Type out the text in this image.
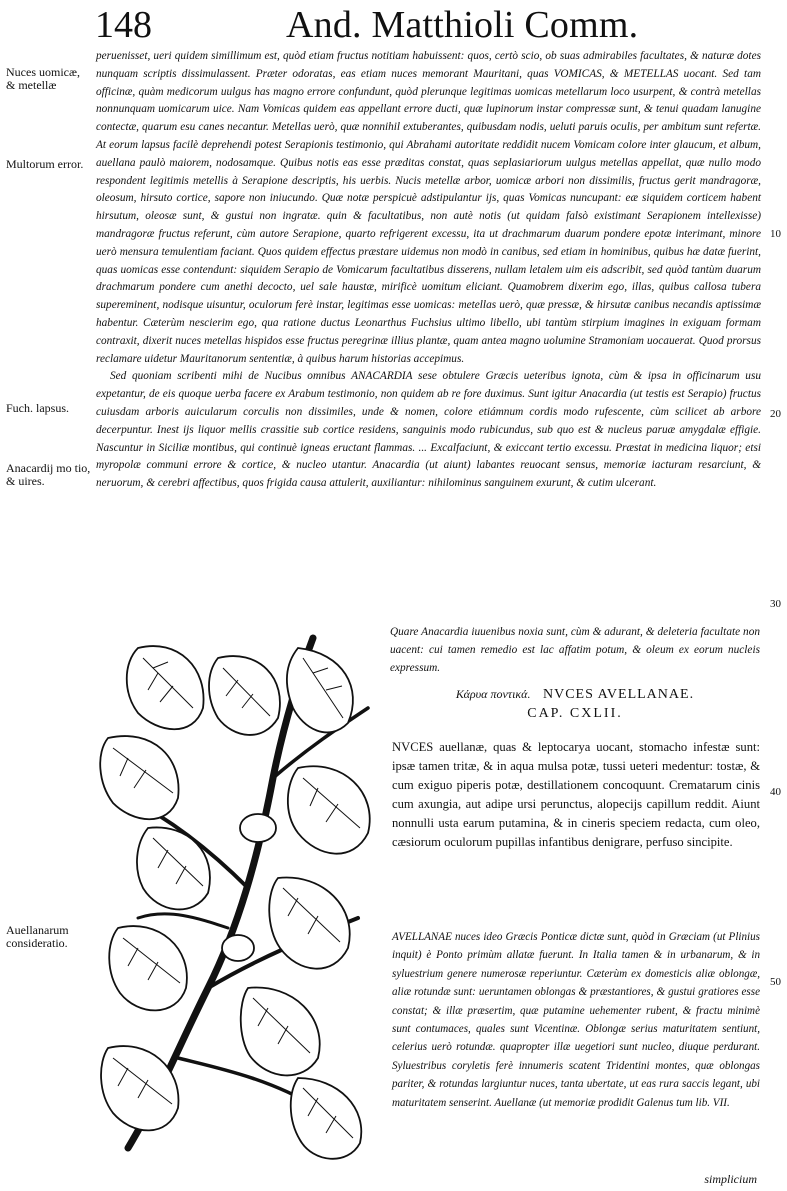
148	And. Matthioli Comm.
Nuces uomicæ, & metellæ
Multorum error.
Fuch. lapsus.
Anacardij mo tio, & uires.
Auellanarum consideratio.
10
20
30
40
50

peruenisset, ueri quidem simillimum est, quòd etiam fructus notitiam habuissent: quos, certò scio, ob suas admirabiles facultates, & naturæ dotes nunquam scriptis dissimulassent. Præter odoratas, eas etiam nuces memorant Mauritani, quas VOMICAS, & METELLAS uocant. Sed tam officinæ, quàm medicorum uulgus has magno errore confundunt, quòd plerunque legitimas uomicas metellarum loco usurpent, & contrà metellas nonnunquam uomicarum uice. Nam Vomicas quidem eas appellant errore ducti, quæ lupinorum instar compressæ sunt, & tenui quadam lanugine contectæ, quarum esu canes necantur. Metellas uerò, quæ nonnihil extuberantes, quibusdam nodis, ueluti paruis oculis, per ambitum sunt refertæ. At eorum lapsus facilè deprehendi potest Serapionis testimonio, qui Abrahami autoritate reddidit nucem Vomicam colore inter glaucum, et album, auellana paulò maiorem, nodosamque. Quibus notis eas esse præditas constat, quas seplasiariorum uulgus metellas appellat, quæ nullo modo respondent legitimis metellis à Serapione descriptis, his uerbis. Nucis metellæ arbor, uomicæ arbori non dissimilis, fructus gerit mandragoræ, oleosum, hirsuto cortice, sapore non iniucundo. Quæ notæ perspicuè adstipulantur ijs, quas Vomicas nuncupant: eæ siquidem corticem habent hirsutum, oleosæ sunt, & gustui non ingratæ. quin & facultatibus, non autè notis (ut quidam falsò existimant Serapionem intellexisse) mandragoræ fructus referunt, cùm autore Serapione, quarto refrigerent excessu, ita ut drachmarum duarum pondere epotæ interimant, minore uerò mensura temulentiam faciant. Quos quidem effectus præstare uidemus non modò in canibus, sed etiam in hominibus, quibus hæ datæ fuerint, quas uomicas esse contendunt: siquidem Serapio de Vomicarum facultatibus disserens, nullam letalem uim eis adscribit, sed quòd tantùm duarum drachmarum pondere cum anethi decocto, uel sale haustæ, mirificè uomitum eliciant. Quamobrem dixerim ego, illas, quibus callosa tubera supereminent, nodisque uisuntur, oculorum ferè instar, legitimas esse uomicas: metellas uerò, quæ pressæ, & hirsutæ canibus necandis aptissimæ habentur. Cæterùm nescierim ego, qua ratione ductus Leonarthus Fuchsius ultimo libello, ubi tantùm stirpium imagines in exiguam formam contraxit, dixerit nuces metellas hispidos esse fructus peregrinæ illius plantæ, quam antea magno uolumine Stramoniam uocauerat. Quod prorsus reclamare uidetur Mauritanorum sententiæ, à quibus harum historias accepimus.

Sed quoniam scribenti mihi de Nucibus omnibus ANACARDIA sese obtulere Græcis ueteribus ignota, cùm & ipsa in officinarum usu expetantur, de eis quoque uerba facere ex Arabum testimonio, non quidem ab re fore duximus. Sunt igitur Anacardia (ut testis est Serapio) fructus cuiusdam arboris auicularum corculis non dissimiles, unde & nomen, colore etiámnum cordis modo rufescente, cùm scilicet ab arbore decerpuntur. Inest ijs liquor mellis crassitie sub cortice residens, sanguinis modo rubicundus, sub quo est & nucleus paruæ amygdalæ effigie. Nascuntur in Siciliæ montibus, qui continuè igneas eructant flammas. ... Excalfaciunt, & exiccant tertio excessu. Præstat in medicina liquor; etsi myropolæ communi errore & cortice, & nucleo utantur. Anacardia (ut aiunt) labantes reuocant sensus, memoriæ iacturam resarciunt, & neruorum, & cerebri affectibus, quos frigida causa attulerit, auxiliantur: nihilominus sanguinem exurunt, & cutim ulcerant.

Quare Anacardia iuuenibus noxia sunt, cùm & adurant, & deleteria facultate non uacent: cui tamen remedio est lac affatim potum, & oleum ex eorum nucleis expressum.
Κάρυα ποντικά. NVCES AVELLANAE.
CAP. CXLII.
NVCES auellanæ, quas & leptocarya uocant, stomacho infestæ sunt: ipsæ tamen tritæ, & in aqua mulsa potæ, tussi ueteri medentur: tostæ, & cum exiguo piperis potæ, destillationem concoquunt. Crematarum cinis cum axungia, aut adipe ursi perunctus, alopecijs capillum reddit. Aiunt nonnulli usta earum putamina, & in cineris speciem redacta, cum oleo, cæsiorum oculorum pupillas infantibus denigrare, perfuso sincipite.
AVELLANAE nuces ideo Græcis Ponticæ dictæ sunt, quòd in Græciam (ut Plinius inquit) è Ponto primùm allatæ fuerunt. In Italia tamen & in urbanarum, & in syluestrium genere numerosæ reperiuntur. Cæterùm ex domesticis aliæ oblongæ, aliæ rotundæ sunt: ueruntamen oblongas & præstantiores, & gustui gratiores esse constat; & illæ præsertim, quæ putamine uehementer rubent, & fractu minimè sunt contumaces, quales sunt Vicentinæ. Oblongæ serius maturitatem sentiunt, celerius uerò rotundæ. quapropter illæ uegetiori sunt nucleo, diuque perdurant. Syluestribus coryletis ferè innumeris scatent Tridentini montes, quæ oblongas pariter, & rotundas largiuntur nuces, tanta ubertate, ut eas rura saccis legant, ubi maturitatem senserint. Auellanæ (ut memoriæ prodidit Galenus tum lib. VII.
simplicium
